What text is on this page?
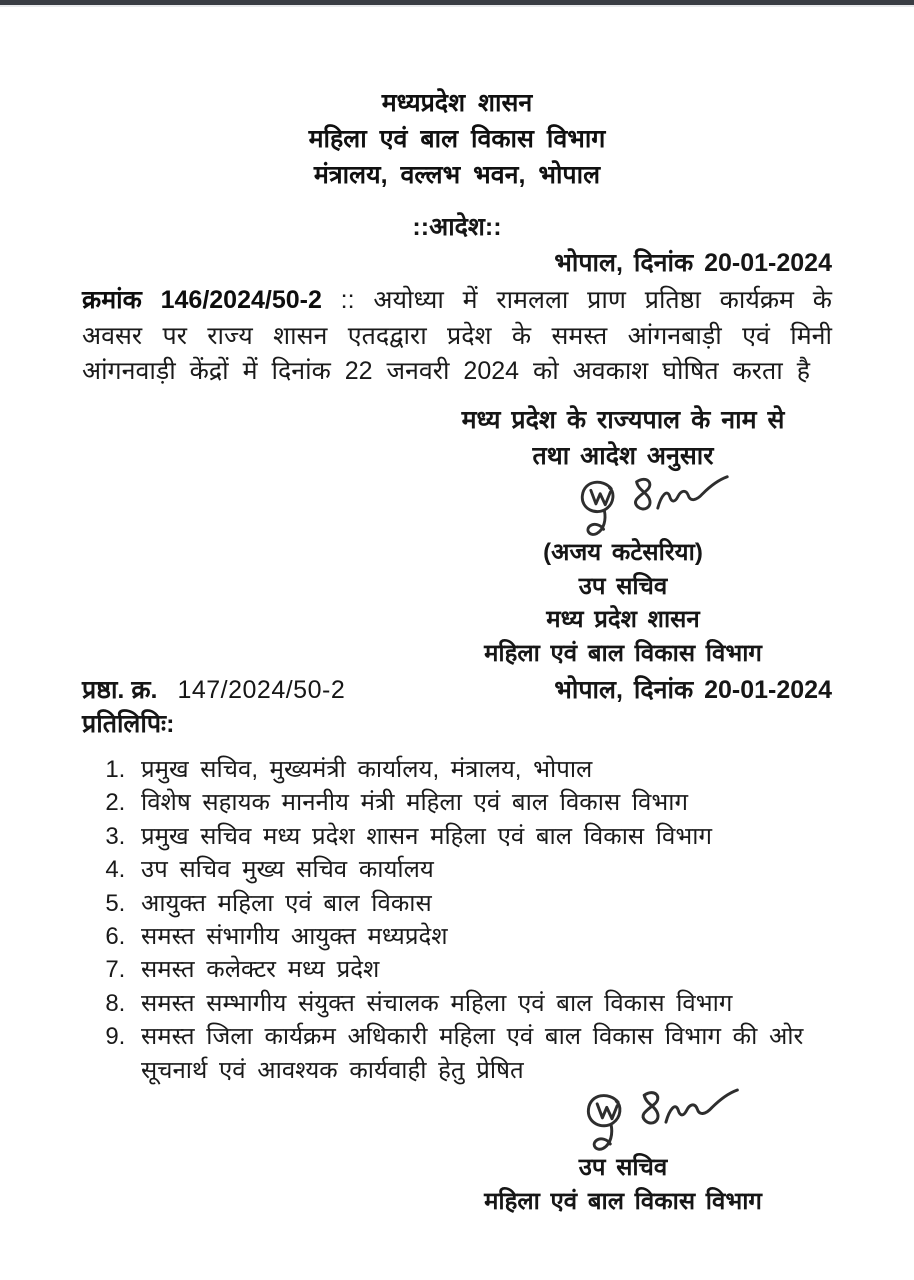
मध्यप्रदेश शासन
महिला एवं बाल विकास विभाग
मंत्रालय, वल्लभ भवन, भोपाल
::आदेश::
भोपाल, दिनांक 20-01-2024

क्रमांक 146/2024/50-2 :: अयोध्या में रामलला प्राण प्रतिष्ठा कार्यक्रम के अवसर पर राज्य शासन एतदद्वारा प्रदेश के समस्त आंगनबाड़ी एवं मिनी आंगनवाड़ी केंद्रों में दिनांक 22 जनवरी 2024 को अवकाश घोषित करता है

मध्य प्रदेश के राज्यपाल के नाम से
तथा आदेश अनुसार
(अजय कटेसरिया)
उप सचिव
मध्य प्रदेश शासन
महिला एवं बाल विकास विभाग
प्रष्ठा. क्र. 147/2024/50-2	भोपाल, दिनांक 20-01-2024
प्रतिलिपिः:
1. प्रमुख सचिव, मुख्यमंत्री कार्यालय, मंत्रालय, भोपाल
2. विशेष सहायक माननीय मंत्री महिला एवं बाल विकास विभाग
3. प्रमुख सचिव मध्य प्रदेश शासन महिला एवं बाल विकास विभाग
4. उप सचिव मुख्य सचिव कार्यालय
5. आयुक्त महिला एवं बाल विकास
6. समस्त संभागीय आयुक्त मध्यप्रदेश
7. समस्त कलेक्टर मध्य प्रदेश
8. समस्त सम्भागीय संयुक्त संचालक महिला एवं बाल विकास विभाग
9. समस्त जिला कार्यक्रम अधिकारी महिला एवं बाल विकास विभाग की ओर सूचनार्थ एवं आवश्यक कार्यवाही हेतु प्रेषित
उप सचिव
महिला एवं बाल विकास विभाग
